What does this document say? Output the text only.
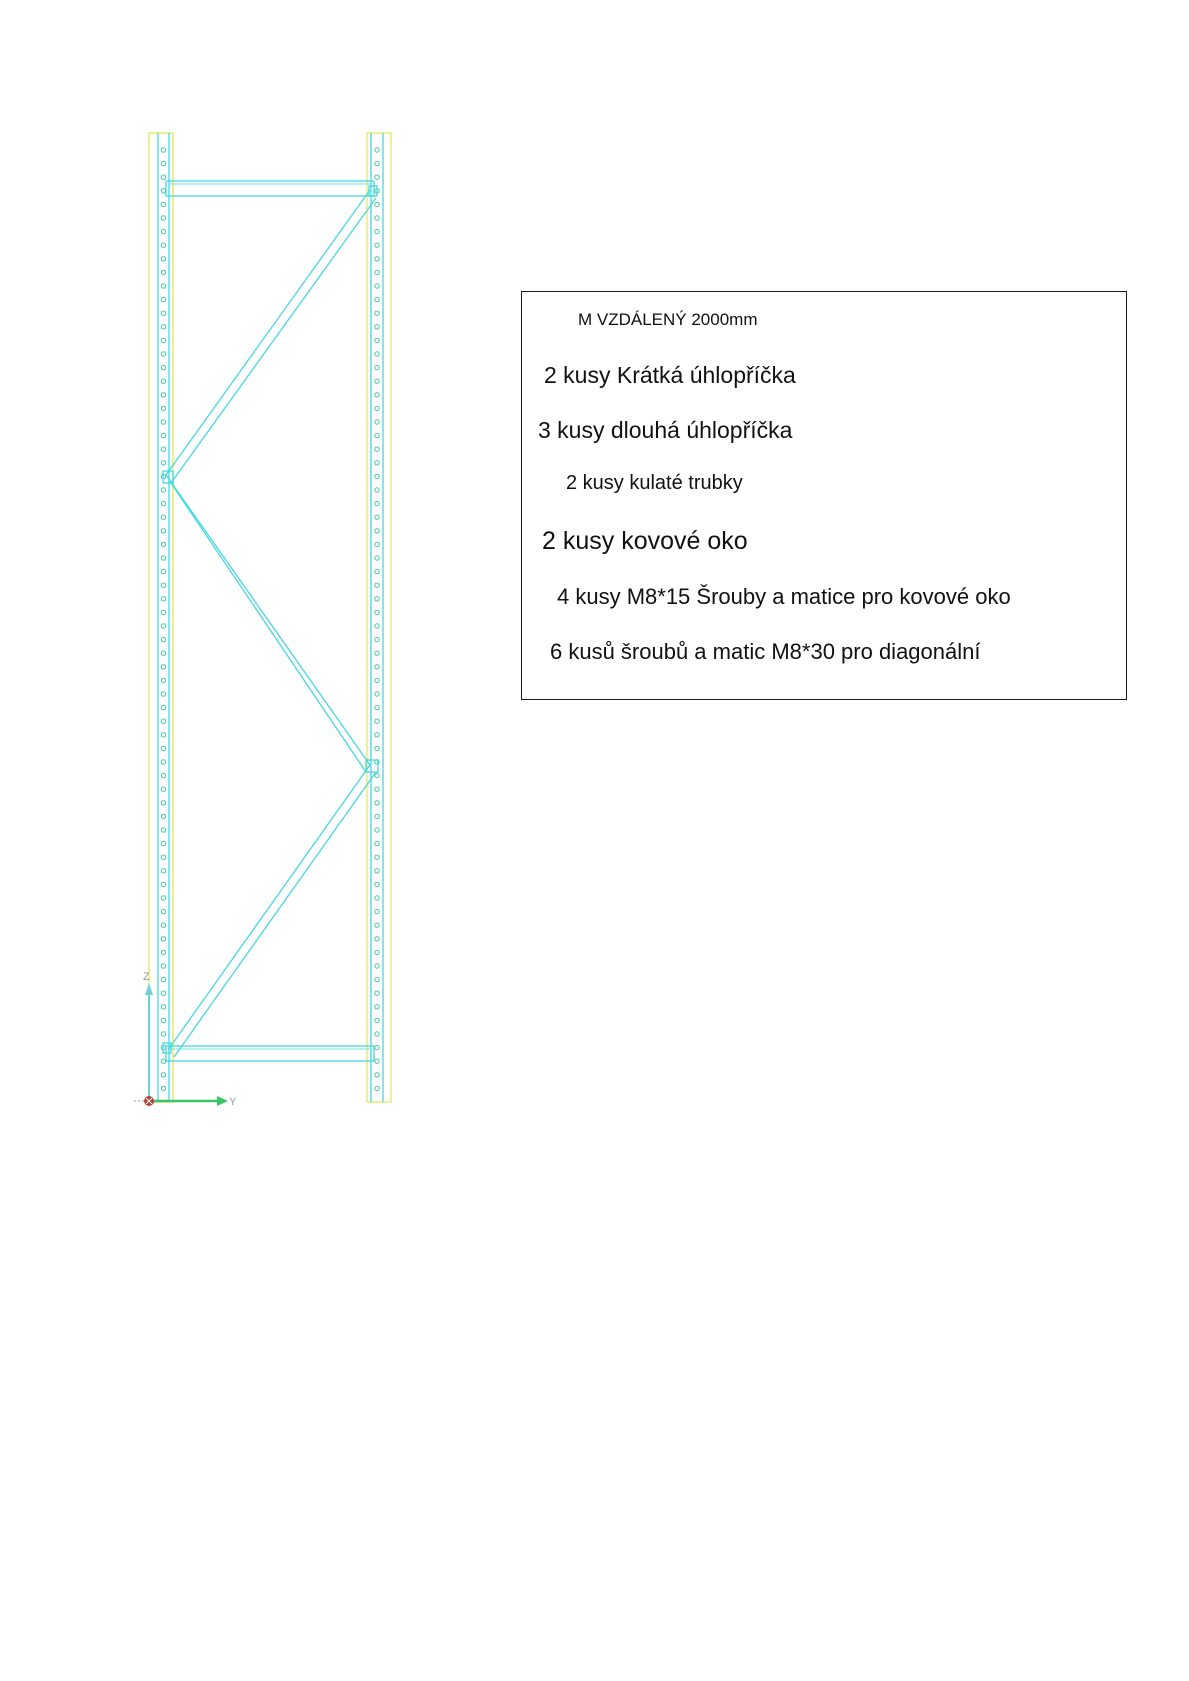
Z
Y
M VZDÁLENÝ 2000mm
2 kusy Krátká úhlopříčka
3 kusy dlouhá úhlopříčka
2 kusy kulaté trubky
2 kusy kovové oko
4 kusy M8*15 Šrouby a matice pro kovové oko
6 kusů šroubů a matic M8*30 pro diagonální
